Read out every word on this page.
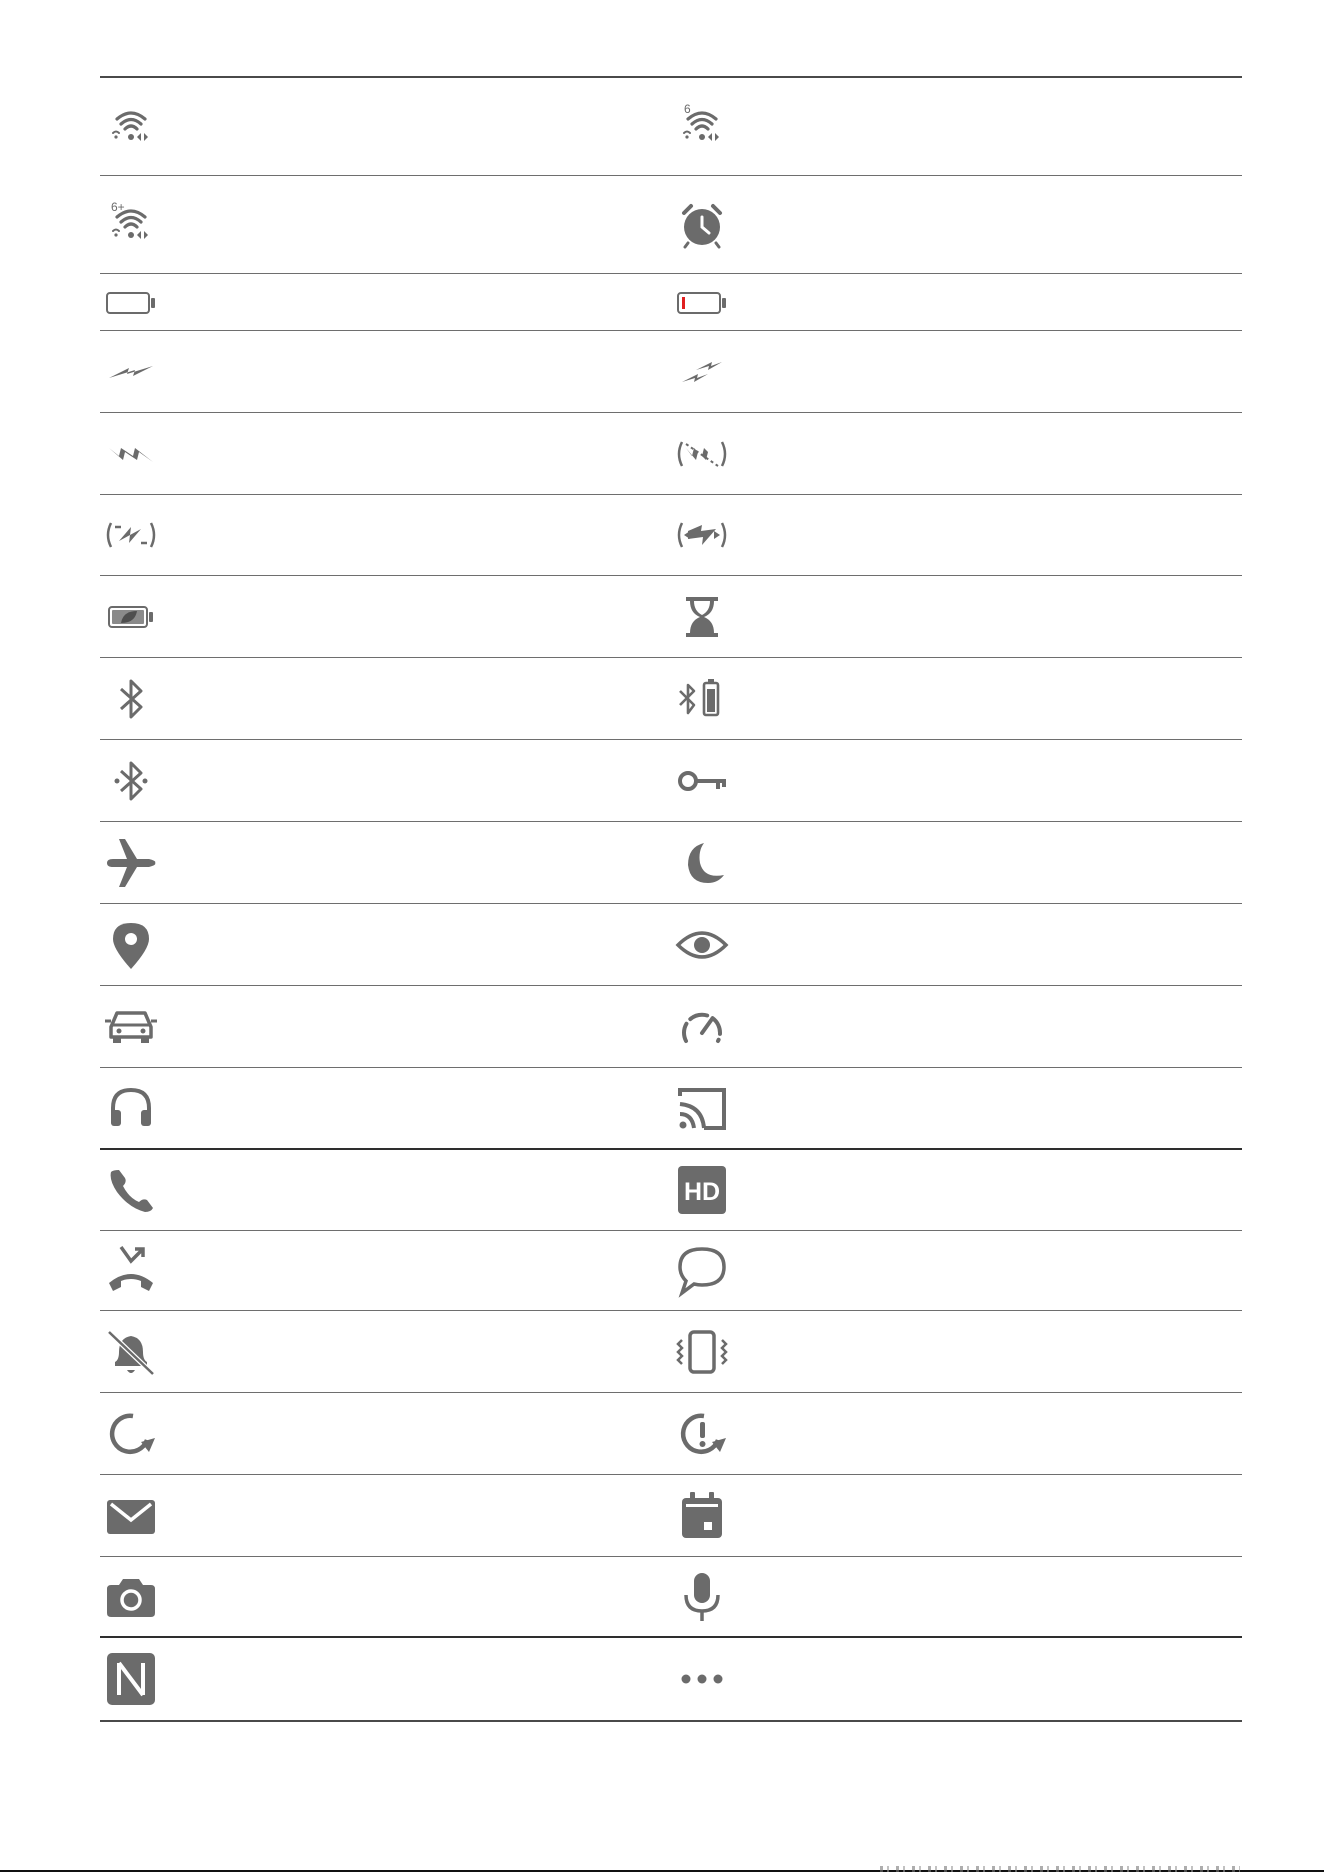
6
6+
HD
